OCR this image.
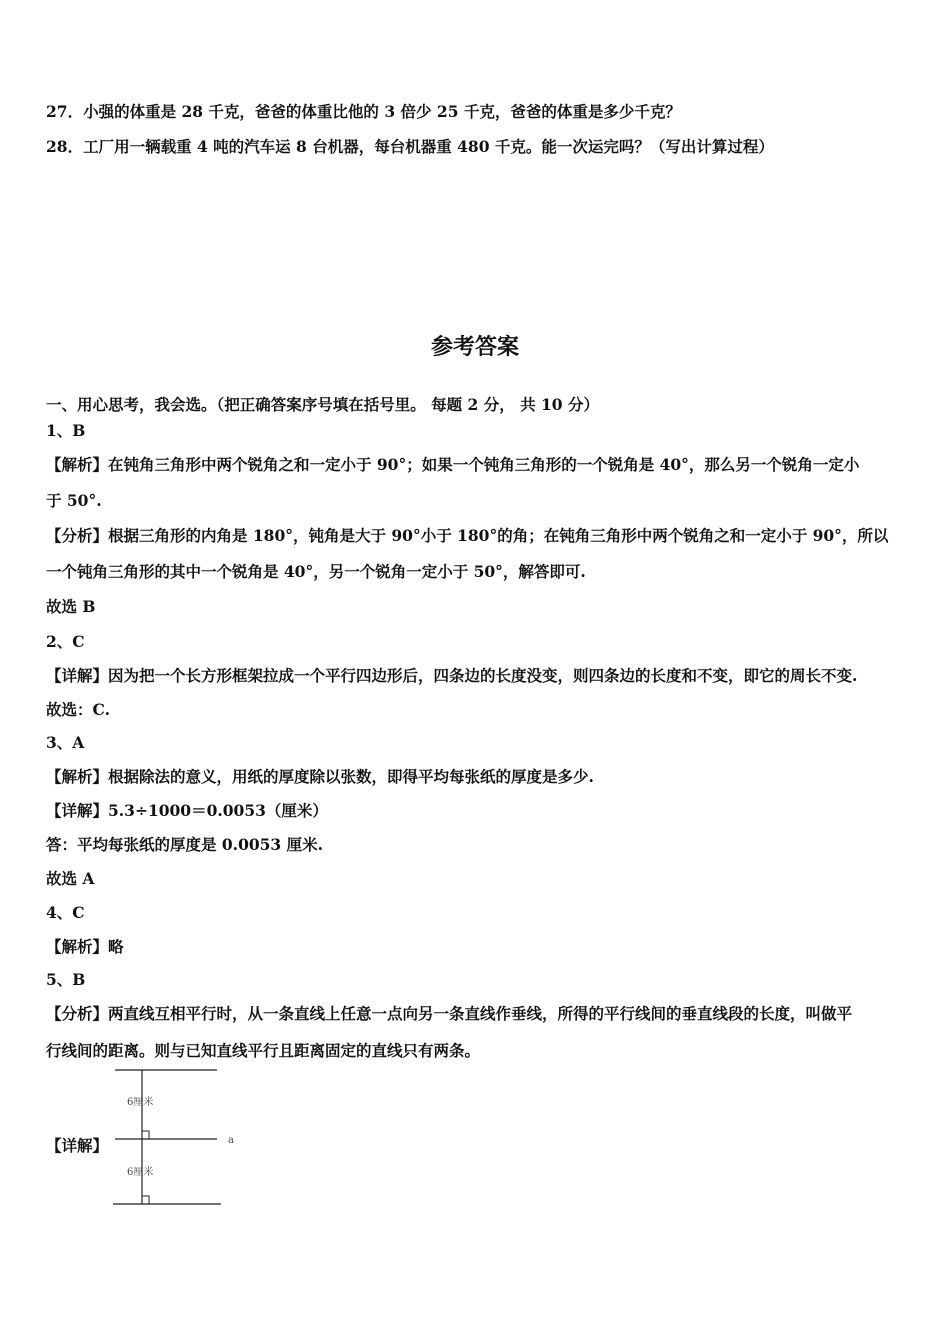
27．小强的体重是 28 千克，爸爸的体重比他的 3 倍少 25 千克，爸爸的体重是多少千克？
28．工厂用一辆载重 4 吨的汽车运 8 台机器，每台机器重 480 千克。能一次运完吗？（写出计算过程）
参考答案
一、用心思考，我会选。（把正确答案序号填在括号里。 每题 2 分， 共 10 分）
1、B
【解析】在钝角三角形中两个锐角之和一定小于 90°；如果一个钝角三角形的一个锐角是 40°，那么另一个锐角一定小
于 50°.
【分析】根据三角形的内角是 180°，钝角是大于 90°小于 180°的角；在钝角三角形中两个锐角之和一定小于 90°，所以
一个钝角三角形的其中一个锐角是 40°，另一个锐角一定小于 50°，解答即可.
故选 B
2、C
【详解】因为把一个长方形框架拉成一个平行四边形后，四条边的长度没变，则四条边的长度和不变，即它的周长不变.
故选：C.
3、A
【解析】根据除法的意义，用纸的厚度除以张数，即得平均每张纸的厚度是多少.
【详解】5.3÷1000＝0.0053（厘米）
答：平均每张纸的厚度是 0.0053 厘米.
故选 A
4、C
【解析】略
5、B
【分析】两直线互相平行时，从一条直线上任意一点向另一条直线作垂线，所得的平行线间的垂直线段的长度，叫做平
行线间的距离。则与已知直线平行且距离固定的直线只有两条。
【详解】
6厘米
6厘米
a
